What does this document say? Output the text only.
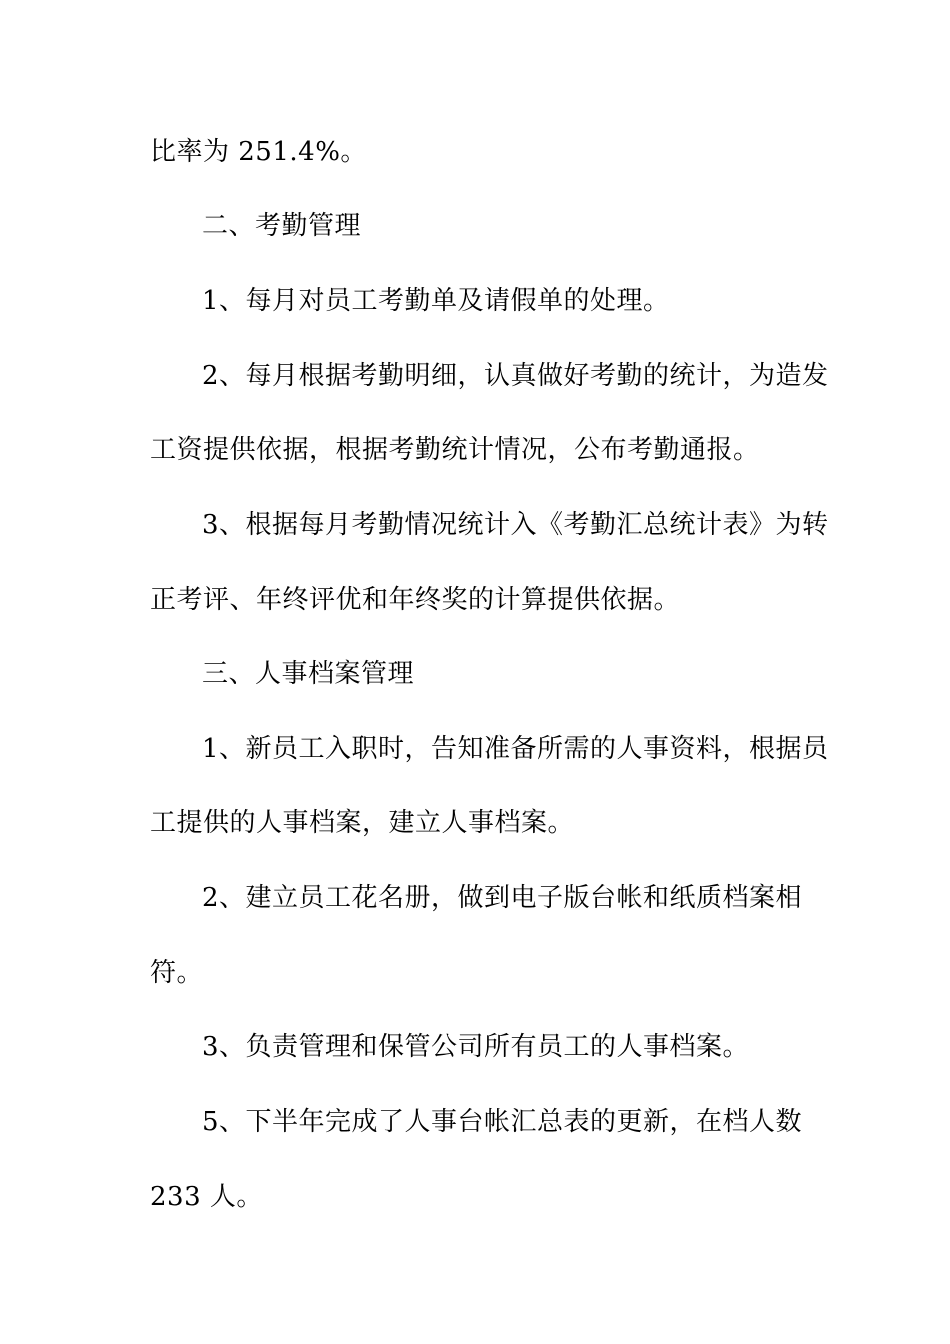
比率为 251.4%。
二、考勤管理
1、每月对员工考勤单及请假单的处理。
2、每月根据考勤明细，认真做好考勤的统计，为造发
工资提供依据，根据考勤统计情况，公布考勤通报。
3、根据每月考勤情况统计入《考勤汇总统计表》为转
正考评、年终评优和年终奖的计算提供依据。
三、人事档案管理
1、新员工入职时，告知准备所需的人事资料，根据员
工提供的人事档案，建立人事档案。
2、建立员工花名册，做到电子版台帐和纸质档案相
符。
3、负责管理和保管公司所有员工的人事档案。
5、下半年完成了人事台帐汇总表的更新，在档人数
233 人。
